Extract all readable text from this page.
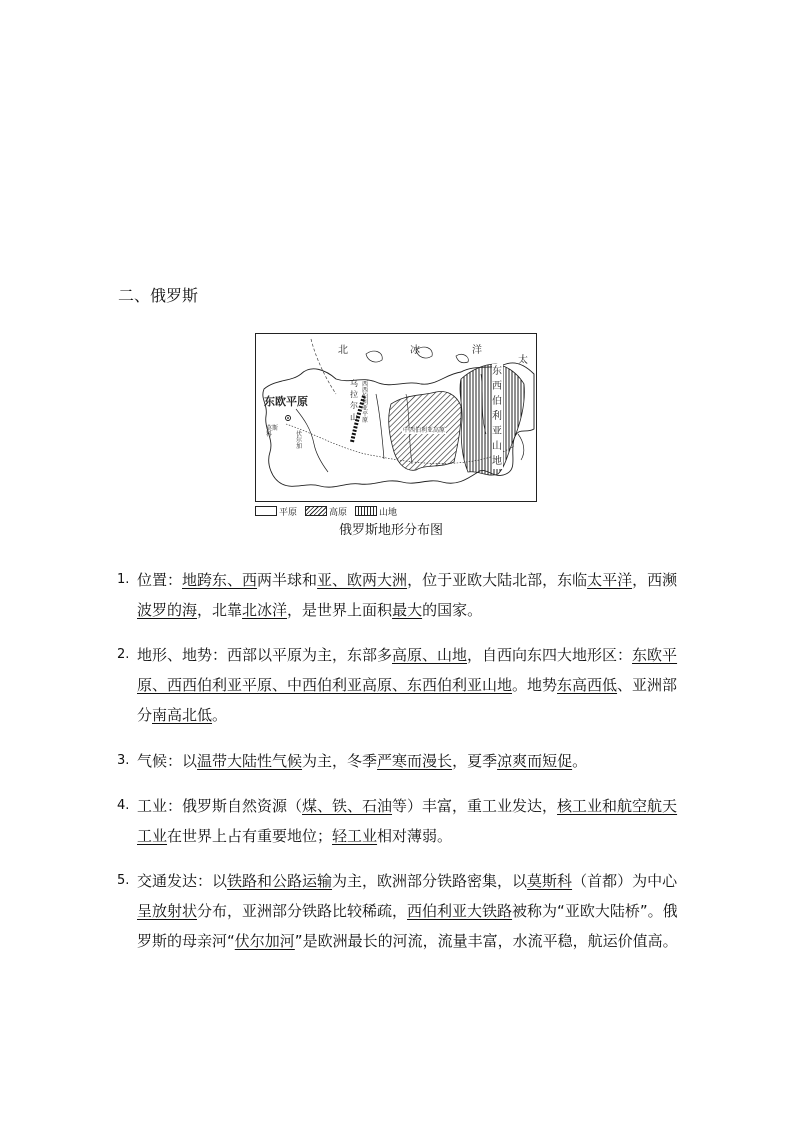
二、俄罗斯
北	冰	洋
太
东欧平原
莫斯科	伏尔加
乌拉尔山
西西伯利亚平原
中西伯利亚高原
东西伯利亚山地
平原	高原	山地
俄罗斯地形分布图
1. 位置：地跨东、西两半球和亚、欧两大洲，位于亚欧大陆北部，东临太平洋，西濒波罗的海，北靠北冰洋，是世界上面积最大的国家。
2. 地形、地势：西部以平原为主，东部多高原、山地，自西向东四大地形区：东欧平原、西西伯利亚平原、中西伯利亚高原、东西伯利亚山地。地势东高西低、亚洲部分南高北低。
3. 气候：以温带大陆性气候为主，冬季严寒而漫长，夏季凉爽而短促。
4. 工业：俄罗斯自然资源（煤、铁、石油等）丰富，重工业发达，核工业和航空航天工业在世界上占有重要地位；轻工业相对薄弱。
5. 交通发达：以铁路和公路运输为主，欧洲部分铁路密集，以莫斯科（首都）为中心呈放射状分布，亚洲部分铁路比较稀疏，西伯利亚大铁路被称为“亚欧大陆桥”。俄罗斯的母亲河“伏尔加河”是欧洲最长的河流，流量丰富，水流平稳，航运价值高。
